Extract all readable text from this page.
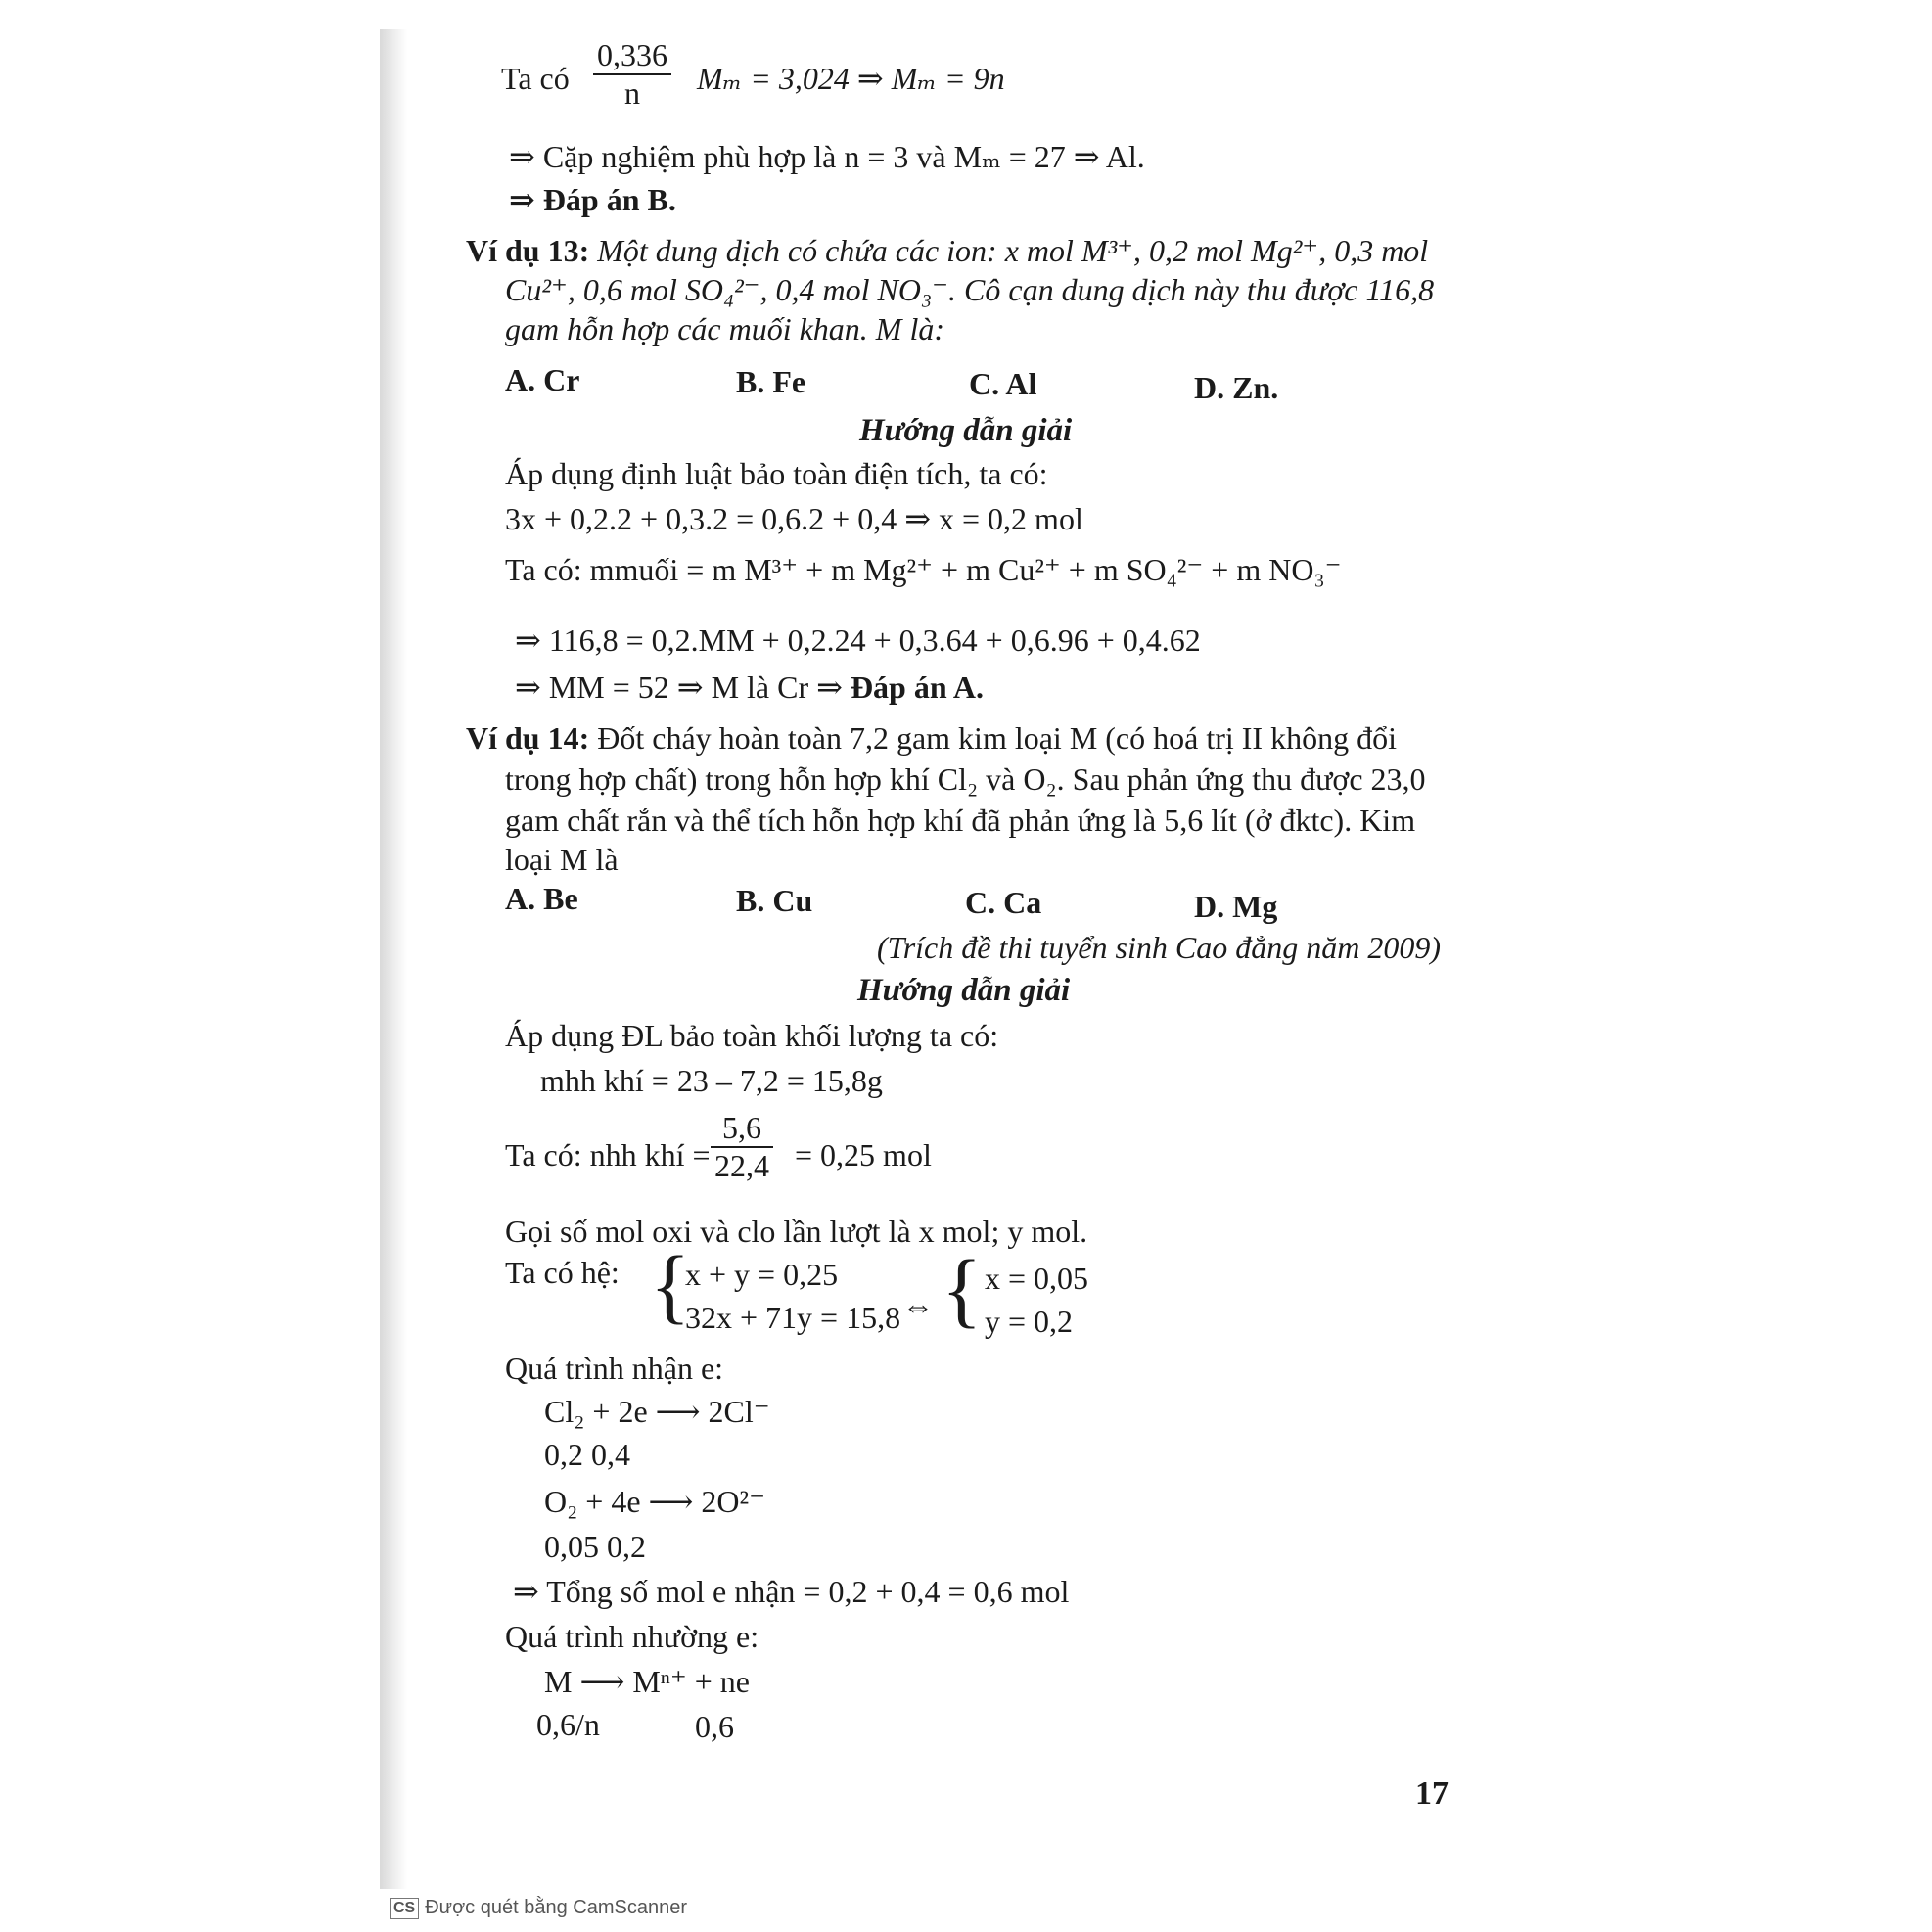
Ta có $\frac{0,336}{n}$ Mₘ = 3,024 ⇒ Mₘ = 9n
⇒ Cặp nghiệm phù hợp là n = 3 và Mₘ = 27 ⇒ Al.
⇒ Đáp án B.
Ví dụ 13: Một dung dịch có chứa các ion: x mol M³⁺, 0,2 mol Mg²⁺, 0,3 mol
Cu²⁺, 0,6 mol SO₄²⁻, 0,4 mol NO₃⁻. Cô cạn dung dịch này thu được 116,8
gam hỗn hợp các muối khan. M là:
A. Cr	B. Fe	C. Al	D. Zn.
Hướng dẫn giải
Áp dụng định luật bảo toàn điện tích, ta có:
3x + 0,2.2 + 0,3.2 = 0,6.2 + 0,4 ⇒ x = 0,2 mol
Ta có: mmuối = m M³⁺ + m Mg²⁺ + m Cu²⁺ + m SO₄²⁻ + m NO₃⁻
⇒ 116,8 = 0,2.MM + 0,2.24 + 0,3.64 + 0,6.96 + 0,4.62
⇒ MM = 52 ⇒ M là Cr ⇒ Đáp án A.
Ví dụ 14: Đốt cháy hoàn toàn 7,2 gam kim loại M (có hoá trị II không đổi
trong hợp chất) trong hỗn hợp khí Cl₂ và O₂. Sau phản ứng thu được 23,0
gam chất rắn và thể tích hỗn hợp khí đã phản ứng là 5,6 lít (ở đktc). Kim
loại M là
A. Be	B. Cu	C. Ca	D. Mg
(Trích đề thi tuyển sinh Cao đẳng năm 2009)
Hướng dẫn giải
Áp dụng ĐL bảo toàn khối lượng ta có:
mhh khí = 23 – 7,2 = 15,8g
Ta có: nhh khí = $\frac{5,6}{22,4} = 0,25$ mol
Gọi số mol oxi và clo lần lượt là x mol; y mol.
Ta có hệ: {
x + y = 0,25
32x + 71y = 15,8 ⇔ { x = 0,05
y = 0,2
Quá trình nhận e:
Cl₂ + 2e ⟶ 2Cl⁻
0,2 0,4
O₂ + 4e ⟶ 2O²⁻
0,05 0,2
⇒ Tổng số mol e nhận = 0,2 + 0,4 = 0,6 mol
Quá trình nhường e:
M ⟶ Mⁿ⁺ + ne
0,6/n	0,6
17
CS Được quét bằng CamScanner
